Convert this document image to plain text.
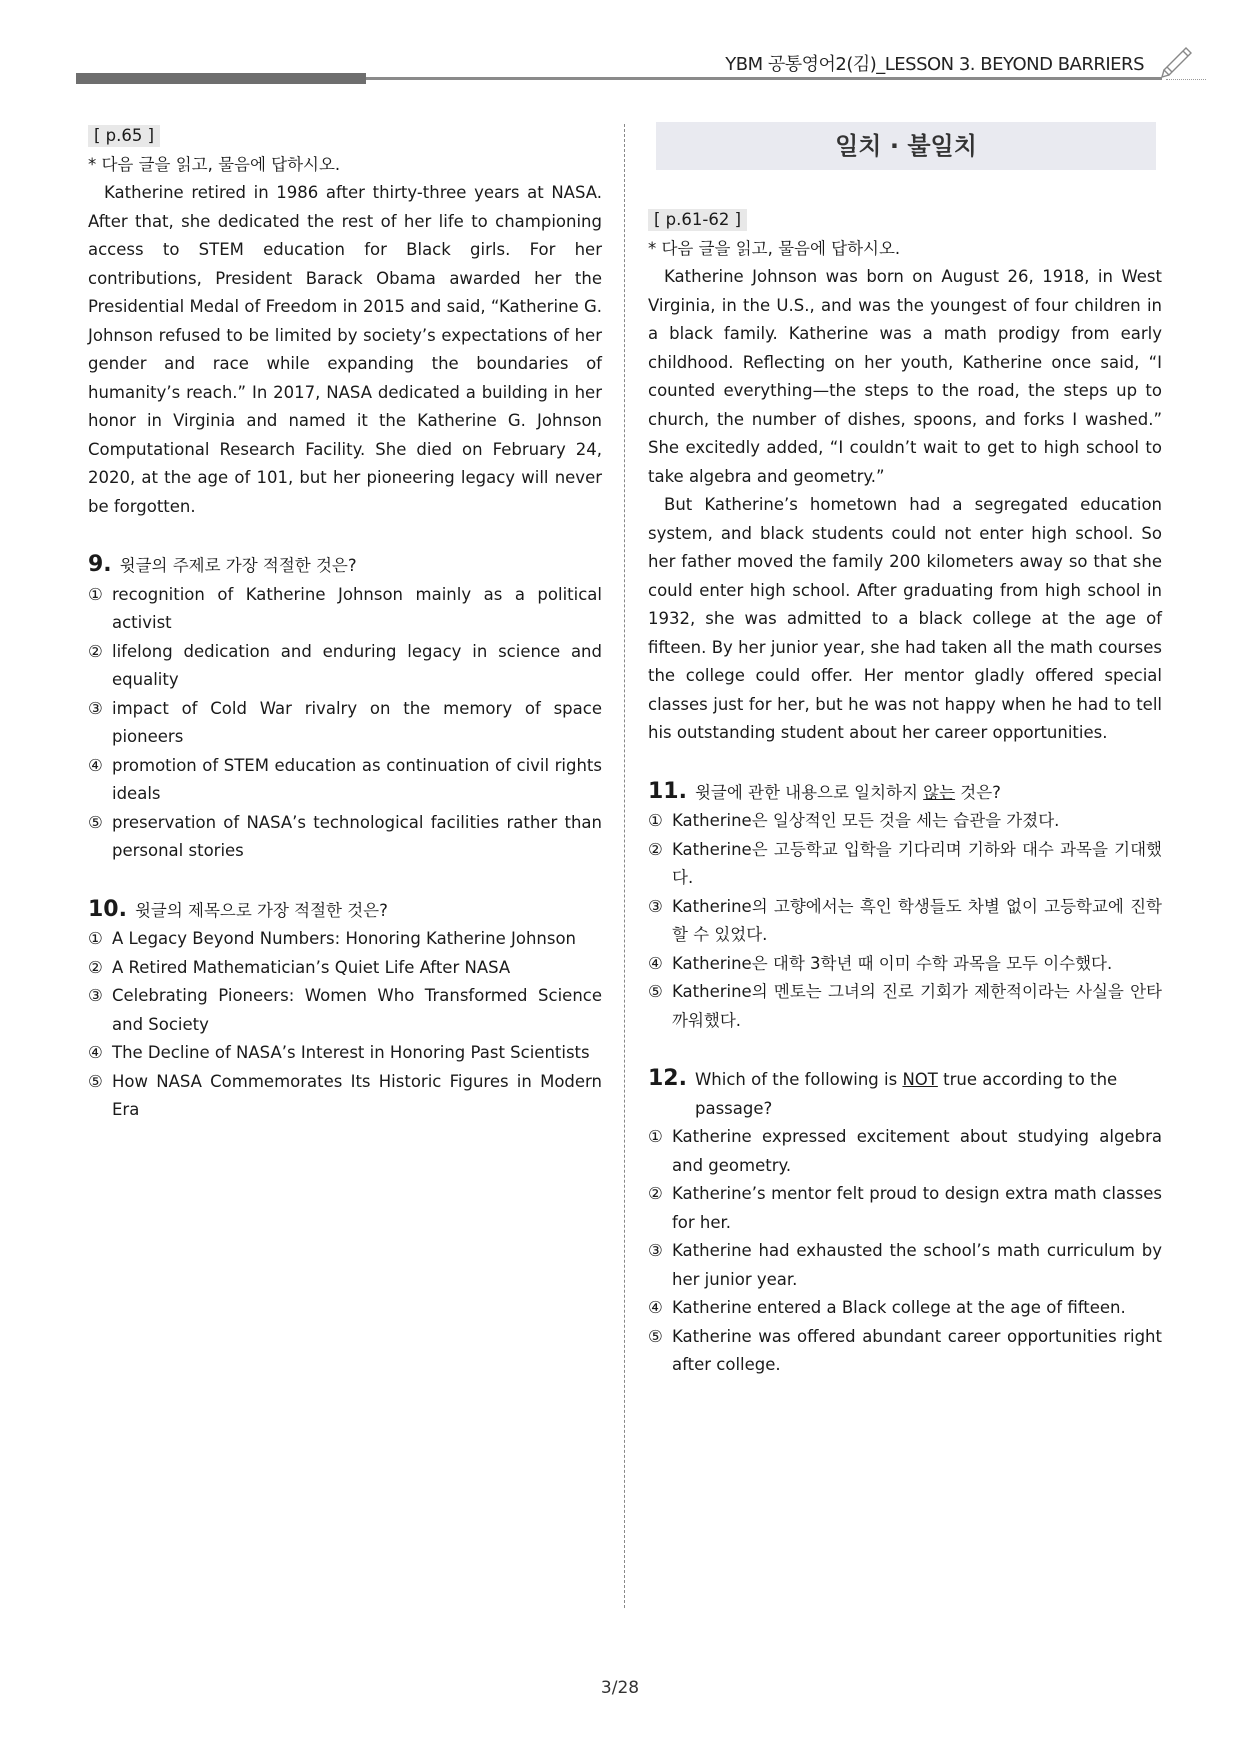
YBM 공통영어2(김)_LESSON 3. BEYOND BARRIERS
[ p.65 ]

* 다음 글을 읽고, 물음에 답하시오.

Katherine retired in 1986 after thirty-three years at NASA. After that, she dedicated the rest of her life to championing access to STEM education for Black girls. For her contributions, President Barack Obama awarded her the Presidential Medal of Freedom in 2015 and said, “Katherine G. Johnson refused to be limited by society’s expectations of her gender and race while expanding the boundaries of humanity’s reach.” In 2017, NASA dedicated a building in her honor in Virginia and named it the Katherine G. Johnson Computational Research Facility. She died on February 24, 2020, at the age of 101, but her pioneering legacy will never be forgotten.

9. 윗글의 주제로 가장 적절한 것은?
① recognition of Katherine Johnson mainly as a political activist
② lifelong dedication and enduring legacy in science and equality
③ impact of Cold War rivalry on the memory of space pioneers
④ promotion of STEM education as continuation of civil rights ideals
⑤ preservation of NASA’s technological facilities rather than personal stories
10. 윗글의 제목으로 가장 적절한 것은?
① A Legacy Beyond Numbers: Honoring Katherine Johnson
② A Retired Mathematician’s Quiet Life After NASA
③ Celebrating Pioneers: Women Who Transformed Science and Society
④ The Decline of NASA’s Interest in Honoring Past Scientists
⑤ How NASA Commemorates Its Historic Figures in Modern Era
일치 · 불일치
[ p.61-62 ]

* 다음 글을 읽고, 물음에 답하시오.

Katherine Johnson was born on August 26, 1918, in West Virginia, in the U.S., and was the youngest of four children in a black family. Katherine was a math prodigy from early childhood. Reflecting on her youth, Katherine once said, “I counted everything—the steps to the road, the steps up to church, the number of dishes, spoons, and forks I washed.” She excitedly added, “I couldn’t wait to get to high school to take algebra and geometry.”

But Katherine’s hometown had a segregated education system, and black students could not enter high school. So her father moved the family 200 kilometers away so that she could enter high school. After graduating from high school in 1932, she was admitted to a black college at the age of fifteen. By her junior year, she had taken all the math courses the college could offer. Her mentor gladly offered special classes just for her, but he was not happy when he had to tell his outstanding student about her career opportunities.

11. 윗글에 관한 내용으로 일치하지 않는 것은?
① Katherine은 일상적인 모든 것을 세는 습관을 가졌다.
② Katherine은 고등학교 입학을 기다리며 기하와 대수 과목을 기대했다.
③ Katherine의 고향에서는 흑인 학생들도 차별 없이 고등학교에 진학할 수 있었다.
④ Katherine은 대학 3학년 때 이미 수학 과목을 모두 이수했다.
⑤ Katherine의 멘토는 그녀의 진로 기회가 제한적이라는 사실을 안타까워했다.
12. Which of the following is NOT true according to the passage?
① Katherine expressed excitement about studying algebra and geometry.
② Katherine’s mentor felt proud to design extra math classes for her.
③ Katherine had exhausted the school’s math curriculum by her junior year.
④ Katherine entered a Black college at the age of fifteen.
⑤ Katherine was offered abundant career opportunities right after college.
3/28
